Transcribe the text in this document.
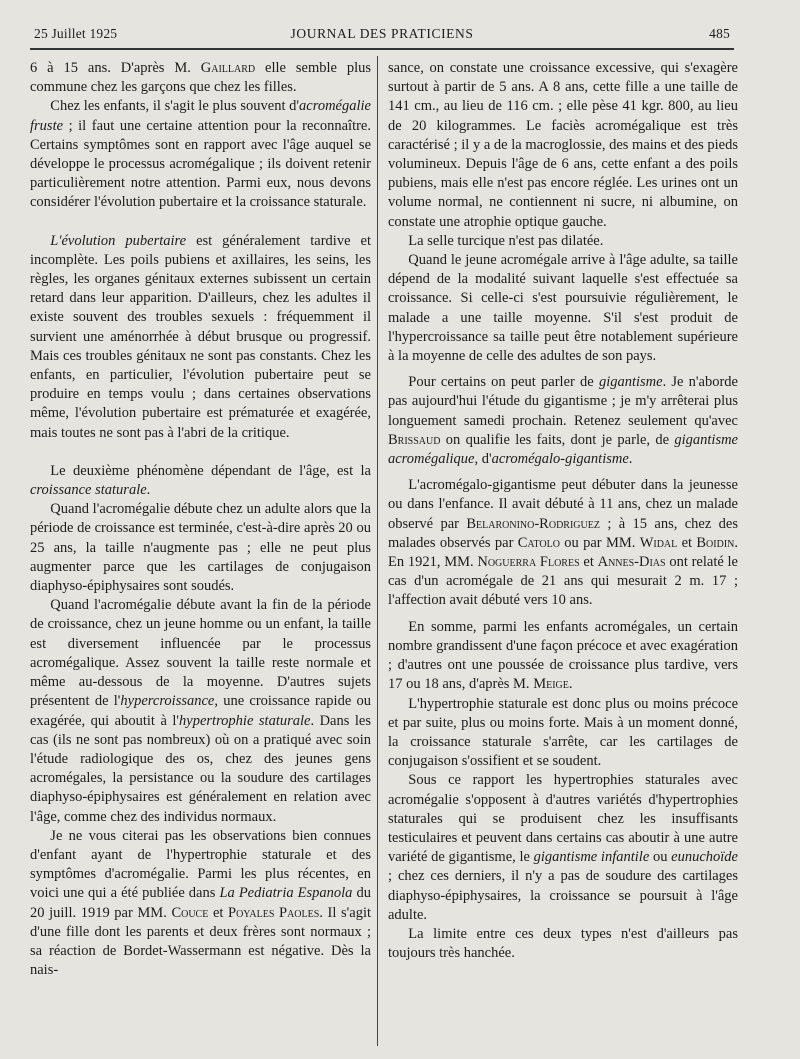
25 Juillet 1925	JOURNAL DES PRATICIENS	485

6 à 15 ans. D'après M. Gaillard elle semble plus commune chez les garçons que chez les filles.

Chez les enfants, il s'agit le plus souvent d'acromégalie fruste ; il faut une certaine attention pour la reconnaître. Certains symptômes sont en rapport avec l'âge auquel se développe le processus acromégalique ; ils doivent retenir particulièrement notre attention. Parmi eux, nous devons considérer l'évolution pubertaire et la croissance staturale.

L'évolution pubertaire est généralement tardive et incomplète. Les poils pubiens et axillaires, les seins, les règles, les organes génitaux externes subissent un certain retard dans leur apparition. D'ailleurs, chez les adultes il existe souvent des troubles sexuels : fréquemment il survient une aménorrhée à début brusque ou progressif. Mais ces troubles génitaux ne sont pas constants. Chez les enfants, en particulier, l'évolution pubertaire peut se produire en temps voulu ; dans certaines observations même, l'évolution pubertaire est prématurée et exagérée, mais toutes ne sont pas à l'abri de la critique.

Le deuxième phénomène dépendant de l'âge, est la croissance staturale.

Quand l'acromégalie débute chez un adulte alors que la période de croissance est terminée, c'est-à-dire après 20 ou 25 ans, la taille n'augmente pas ; elle ne peut plus augmenter parce que les cartilages de conjugaison diaphyso-épiphysaires sont soudés.

Quand l'acromégalie débute avant la fin de la période de croissance, chez un jeune homme ou un enfant, la taille est diversement influencée par le processus acromégalique. Assez souvent la taille reste normale et même au-dessous de la moyenne. D'autres sujets présentent de l'hypercroissance, une croissance rapide ou exagérée, qui aboutit à l'hypertrophie staturale. Dans les cas (ils ne sont pas nombreux) où on a pratiqué avec soin l'étude radiologique des os, chez des jeunes gens acromégales, la persistance ou la soudure des cartilages diaphyso-épiphysaires est généralement en relation avec l'âge, comme chez des individus normaux.

Je ne vous citerai pas les observations bien connues d'enfant ayant de l'hypertrophie staturale et des symptômes d'acromégalie. Parmi les plus récentes, en voici une qui a été publiée dans La Pediatria Espanola du 20 juill. 1919 par MM. Couce et Poyales Paoles. Il s'agit d'une fille dont les parents et deux frères sont normaux ; sa réaction de Bordet-Wassermann est négative. Dès la nais-

sance, on constate une croissance excessive, qui s'exagère surtout à partir de 5 ans. A 8 ans, cette fille a une taille de 141 cm., au lieu de 116 cm. ; elle pèse 41 kgr. 800, au lieu de 20 kilogrammes. Le faciès acromégalique est très caractérisé ; il y a de la macroglossie, des mains et des pieds volumineux. Depuis l'âge de 6 ans, cette enfant a des poils pubiens, mais elle n'est pas encore réglée. Les urines ont un volume normal, ne contiennent ni sucre, ni albumine, on constate une atrophie optique gauche.

La selle turcique n'est pas dilatée.

Quand le jeune acromégale arrive à l'âge adulte, sa taille dépend de la modalité suivant laquelle s'est effectuée sa croissance. Si celle-ci s'est poursuivie régulièrement, le malade a une taille moyenne. S'il s'est produit de l'hypercroissance sa taille peut être notablement supérieure à la moyenne de celle des adultes de son pays.

Pour certains on peut parler de gigantisme. Je n'aborde pas aujourd'hui l'étude du gigantisme ; je m'y arrêterai plus longuement samedi prochain. Retenez seulement qu'avec Brissaud on qualifie les faits, dont je parle, de gigantisme acromégalique, d'acromégalo-gigantisme.

L'acromégalo-gigantisme peut débuter dans la jeunesse ou dans l'enfance. Il avait débuté à 11 ans, chez un malade observé par Belaronino-Rodriguez ; à 15 ans, chez des malades observés par Catolo ou par MM. Widal et Boidin. En 1921, MM. Noguerra Flores et Annes-Dias ont relaté le cas d'un acromégale de 21 ans qui mesurait 2 m. 17 ; l'affection avait débuté vers 10 ans.

En somme, parmi les enfants acromégales, un certain nombre grandissent d'une façon précoce et avec exagération ; d'autres ont une poussée de croissance plus tardive, vers 17 ou 18 ans, d'après M. Meige.

L'hypertrophie staturale est donc plus ou moins précoce et par suite, plus ou moins forte. Mais à un moment donné, la croissance staturale s'arrête, car les cartilages de conjugaison s'ossifient et se soudent.

Sous ce rapport les hypertrophies staturales avec acromégalie s'opposent à d'autres variétés d'hypertrophies staturales qui se produisent chez les insuffisants testiculaires et peuvent dans certains cas aboutir à une autre variété de gigantisme, le gigantisme infantile ou eunuchoïde ; chez ces derniers, il n'y a pas de soudure des cartilages diaphyso-épiphysaires, la croissance se poursuit à l'âge adulte.

La limite entre ces deux types n'est d'ailleurs pas toujours très hanchée.
